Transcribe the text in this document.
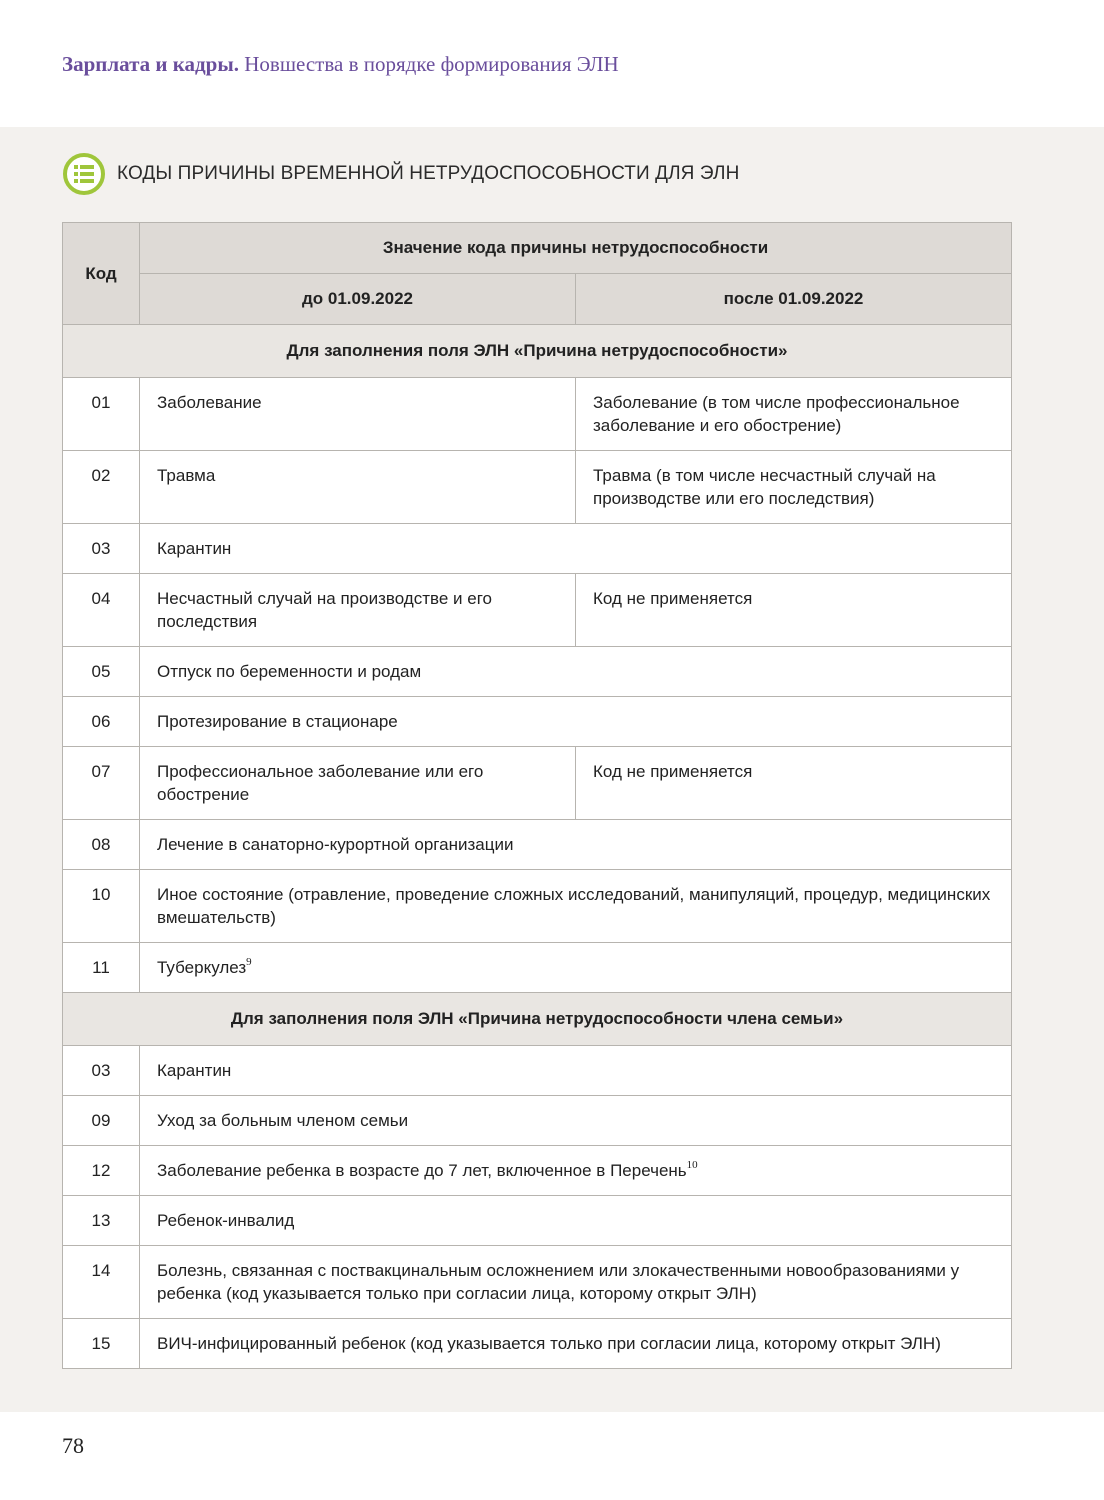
Зарплата и кадры. Новшества в порядке формирования ЭЛН
КОДЫ ПРИЧИНЫ ВРЕМЕННОЙ НЕТРУДОСПОСОБНОСТИ ДЛЯ ЭЛН
Код	Значение кода причины нетрудоспособности	
	до 01.09.2022	после 01.09.2022
Для заполнения поля ЭЛН «Причина нетрудоспособности»		
01	Заболевание	Заболевание (в том числе профессиональное заболевание и его обострение)
02	Травма	Травма (в том числе несчастный случай на производстве или его последствия)
03	Карантин	
04	Несчастный случай на производстве и его последствия	Код не применяется
05	Отпуск по беременности и родам	
06	Протезирование в стационаре	
07	Профессиональное заболевание или его обострение	Код не применяется
08	Лечение в санаторно-курортной организации	
10	Иное состояние (отравление, проведение сложных исследований, манипуляций, процедур, медицинских вмешательств)	
11	Туберкулез$^9$
Для заполнения поля ЭЛН «Причина нетрудоспособности члена семьи»		
03	Карантин	
09	Уход за больным членом семьи	
12	Заболевание ребенка в возрасте до 7 лет, включенное в Перечень$^{10}$
13	Ребенок-инвалид	
14	Болезнь, связанная с поствакцинальным осложнением или злокачественными новообразованиями у ребенка (код указывается только при согласии лица, которому открыт ЭЛН)	
15	ВИЧ-инфицированный ребенок (код указывается только при согласии лица, которому открыт ЭЛН)	
78
